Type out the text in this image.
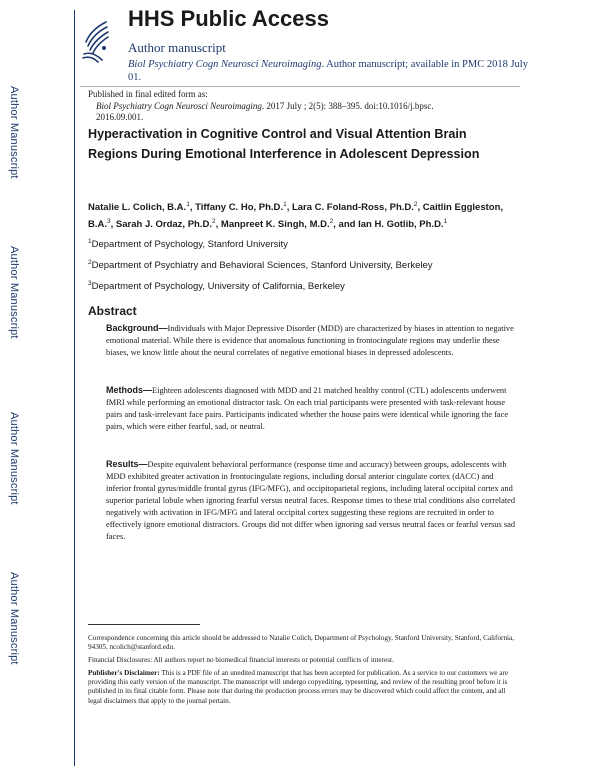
Author Manuscript
Author Manuscript
Author Manuscript
Author Manuscript
HHS Public Access
Author manuscript
Biol Psychiatry Cogn Neurosci Neuroimaging. Author manuscript; available in PMC 2018 July 01.
Published in final edited form as:
Biol Psychiatry Cogn Neurosci Neuroimaging. 2017 July ; 2(5): 388–395. doi:10.1016/j.bpsc.
2016.09.001.
Hyperactivation in Cognitive Control and Visual Attention Brain Regions During Emotional Interference in Adolescent Depression
Natalie L. Colich, B.A.$^1$, Tiffany C. Ho, Ph.D.$^1$, Lara C. Foland-Ross, Ph.D.$^2$, Caitlin Eggleston, B.A.$^3$, Sarah J. Ordaz, Ph.D.$^2$, Manpreet K. Singh, M.D.$^2$, and Ian H. Gotlib, Ph.D.$^1$
$^1$Department of Psychology, Stanford University
$^2$Department of Psychiatry and Behavioral Sciences, Stanford University, Berkeley
$^3$Department of Psychology, University of California, Berkeley
Abstract
Background—Individuals with Major Depressive Disorder (MDD) are characterized by biases in attention to negative emotional material. While there is evidence that anomalous functioning in frontocingulate regions may underlie these biases, we know little about the neural correlates of negative emotional biases in depressed adolescents.
Methods—Eighteen adolescents diagnosed with MDD and 21 matched healthy control (CTL) adolescents underwent fMRI while performing an emotional distractor task. On each trial participants were presented with task-relevant house pairs and task-irrelevant face pairs. Participants indicated whether the house pairs were identical while ignoring the face pairs, which were either fearful, sad, or neutral.
Results—Despite equivalent behavioral performance (response time and accuracy) between groups, adolescents with MDD exhibited greater activation in frontocingulate regions, including dorsal anterior cingulate cortex (dACC) and inferior frontal gyrus/middle frontal gyrus (IFG/MFG), and occipitoparietal regions, including lateral occipital cortex and superior parietal lobule when ignoring fearful versus neutral faces. Response times to these trial conditions also correlated negatively with activation in IFG/MFG and lateral occipital cortex suggesting these regions are recruited in order to effectively ignore emotional distractors. Groups did not differ when ignoring sad versus neutral faces or fearful versus sad faces.
Correspondence concerning this article should be addressed to Natalie Colich, Department of Psychology, Stanford University, Stanford, California, 94305. ncolich@stanford.edu.
Financial Disclosures: All authors report no biomedical financial interests or potential conflicts of interest.
Publisher's Disclaimer: This is a PDF file of an unedited manuscript that has been accepted for publication. As a service to our customers we are providing this early version of the manuscript. The manuscript will undergo copyediting, typesetting, and review of the resulting proof before it is published in its final citable form. Please note that during the production process errors may be discovered which could affect the content, and all legal disclaimers that apply to the journal pertain.
